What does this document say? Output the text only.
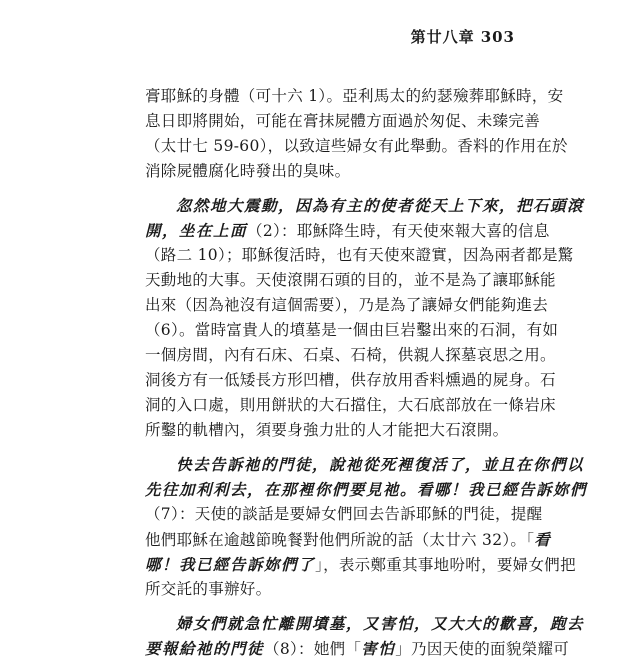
第廿八章 303
膏耶穌的身體（可十六 1）。亞利馬太的約瑟殮葬耶穌時，安
息日即將開始，可能在膏抹屍體方面過於匆促、未臻完善
（太廿七 59-60），以致這些婦女有此舉動。香料的作用在於
消除屍體腐化時發出的臭味。
忽然地大震動，因為有主的使者從天上下來，把石頭滾
開，坐在上面（2）：耶穌降生時，有天使來報大喜的信息
（路二 10）；耶穌復活時，也有天使來證實，因為兩者都是驚
天動地的大事。天使滾開石頭的目的，並不是為了讓耶穌能
出來（因為祂沒有這個需要），乃是為了讓婦女們能夠進去
（6）。當時富貴人的墳墓是一個由巨岩鑿出來的石洞，有如
一個房間，內有石床、石桌、石椅，供親人探墓哀思之用。
洞後方有一低矮長方形凹槽，供存放用香料燻過的屍身。石
洞的入口處，則用餅狀的大石擋住，大石底部放在一條岩床
所鑿的軌槽內，須要身強力壯的人才能把大石滾開。
快去告訴祂的門徒，說祂從死裡復活了，並且在你們以
先往加利利去，在那裡你們要見祂。看哪！我已經告訴妳們
（7）：天使的談話是要婦女們回去告訴耶穌的門徒，提醒
他們耶穌在逾越節晚餐對他們所說的話（太廿六 32）。「看
哪！我已經告訴妳們了」，表示鄭重其事地吩咐，要婦女們把
所交託的事辦好。
婦女們就急忙離開墳墓，又害怕，又大大的歡喜，跑去
要報給祂的門徒（8）：她們「害怕」乃因天使的面貌榮耀可
